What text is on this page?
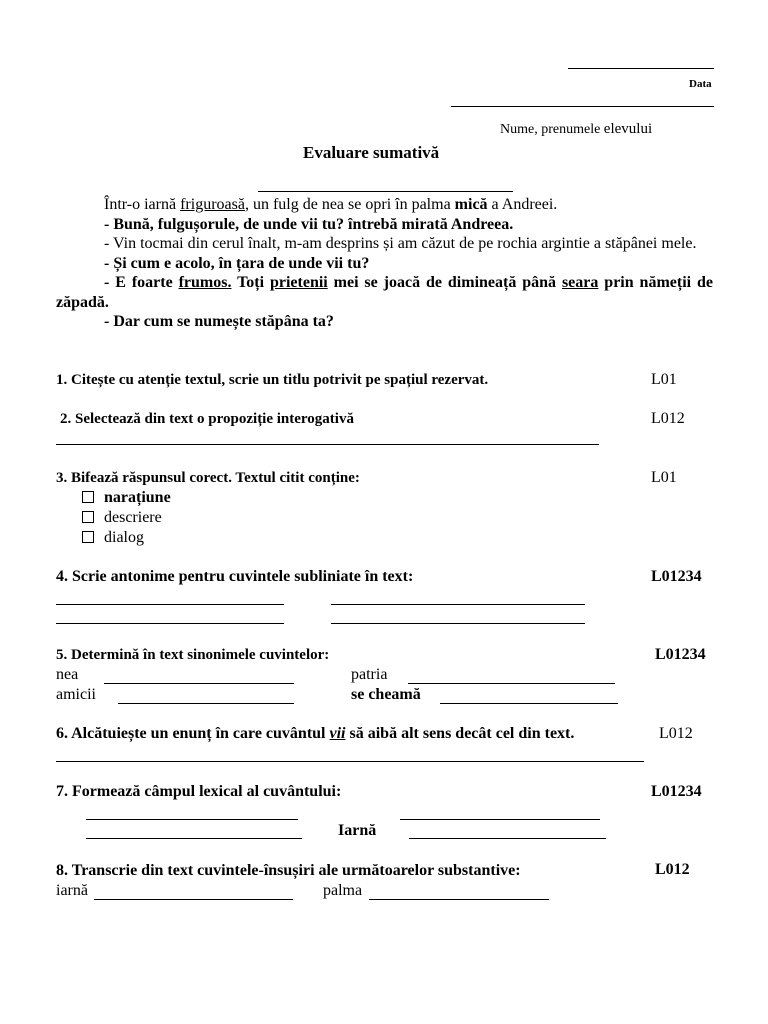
Data
Nume, prenumele elevului
Evaluare sumativă

Într-o iarnă friguroasă, un fulg de nea se opri în palma mică a Andreei.

- Bună, fulgușorule, de unde vii tu? întrebă mirată Andreea.

- Vin tocmai din cerul înalt, m-am desprins și am căzut de pe rochia argintie a stăpânei mele.

- Și cum e acolo, în țara de unde vii tu?

- E foarte frumos. Toți prietenii mei se joacă de dimineață până seara prin nămeții de zăpadă.

- Dar cum se numește stăpâna ta?

1. Citește cu atenție textul, scrie un titlu potrivit pe spațiul rezervat.	L01
2. Selectează din text o propoziție interogativă	L012
3. Bifează răspunsul corect. Textul citit conține:	L01
narațiune
descriere
dialog
4. Scrie antonime pentru cuvintele subliniate în text:	L01234
5. Determină în text sinonimele cuvintelor:	L01234
nea	patria
amicii	se cheamă
6. Alcătuiește un enunț în care cuvântul vii să aibă alt sens decât cel din text.	L012
7. Formează câmpul lexical al cuvântului:	L01234
Iarnă
8. Transcrie din text cuvintele-însușiri ale următoarelor substantive:	L012
iarnă	palma
